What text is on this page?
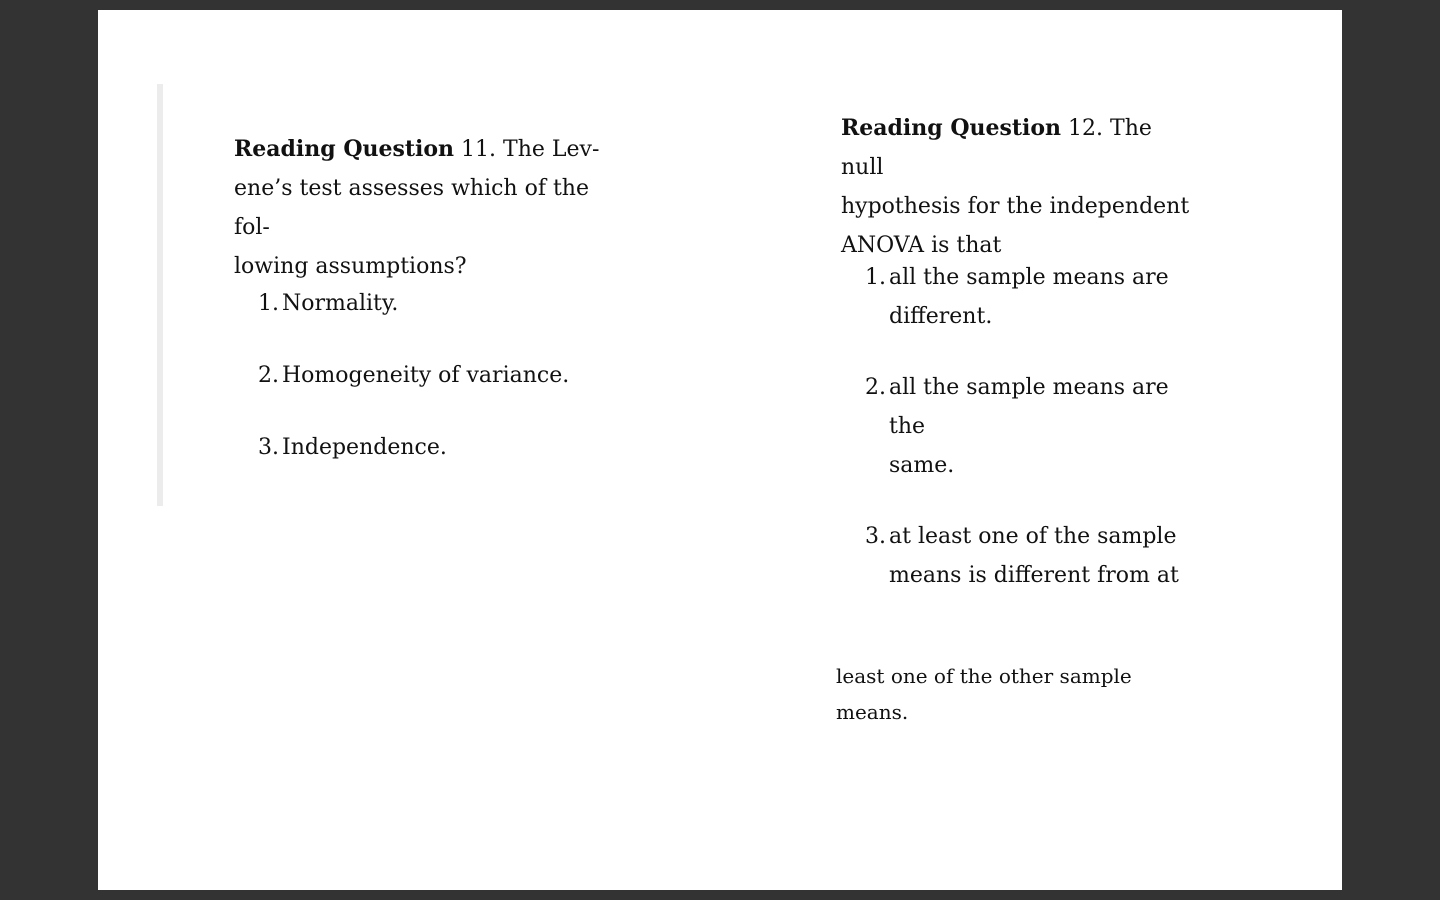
Reading Question 11. The Lev-
ene’s test assesses which of the fol-
lowing assumptions?

1. Normality.
2. Homogeneity of variance.
3. Independence.

Reading Question 12. The null
hypothesis for the independent
ANOVA is that

1. all the sample means are
different.
2. all the sample means are the
same.
3. at least one of the sample
means is different from at

least one of the other sample
means.
